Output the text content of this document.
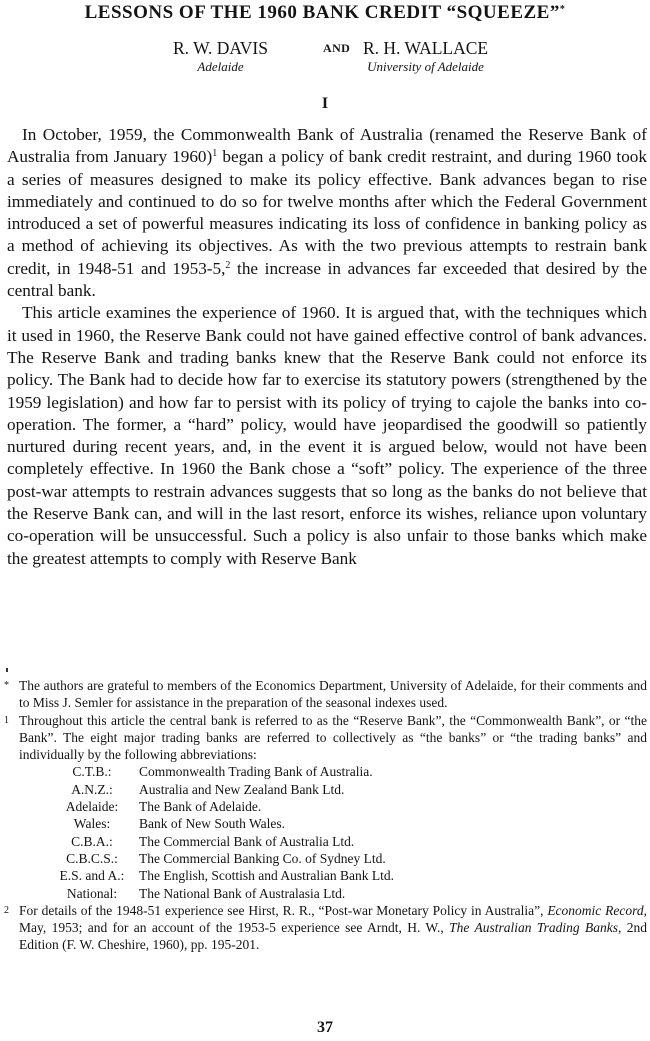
LESSONS OF THE 1960 BANK CREDIT “SQUEEZE”*
R. W. DAVIS
Adelaide
AND R. H. WALLACE
University of Adelaide
I

In October, 1959, the Commonwealth Bank of Australia (renamed the Reserve Bank of Australia from January 1960)$^1$ began a policy of bank credit restraint, and during 1960 took a series of measures designed to make its policy effective. Bank advances began to rise immediately and continued to do so for twelve months after which the Federal Government introduced a set of powerful measures indicating its loss of confidence in banking policy as a method of achieving its objectives. As with the two previous attempts to restrain bank credit, in 1948-51 and 1953-5,$^2$ the increase in advances far exceeded that desired by the central bank.

This article examines the experience of 1960. It is argued that, with the techniques which it used in 1960, the Reserve Bank could not have gained effective control of bank advances. The Reserve Bank and trading banks knew that the Reserve Bank could not enforce its policy. The Bank had to decide how far to exercise its statutory powers (strengthened by the 1959 legislation) and how far to persist with its policy of trying to cajole the banks into co-operation. The former, a “hard” policy, would have jeopardised the goodwill so patiently nurtured during recent years, and, in the event it is argued below, would not have been completely effective. In 1960 the Bank chose a “soft” policy. The experience of the three post-war attempts to restrain advances suggests that so long as the banks do not believe that the Reserve Bank can, and will in the last resort, enforce its wishes, reliance upon voluntary co-operation will be unsuccessful. Such a policy is also unfair to those banks which make the greatest attempts to comply with Reserve Bank

* The authors are grateful to members of the Economics Department, University of Adelaide, for their comments and to Miss J. Semler for assistance in the preparation of the seasonal indexes used.
1 Throughout this article the central bank is referred to as the “Reserve Bank”, the “Commonwealth Bank”, or “the Bank”. The eight major trading banks are referred to collectively as “the banks” or “the trading banks” and individually by the following abbreviations:
C.T.B.:	Commonwealth Trading Bank of Australia.
A.N.Z.:	Australia and New Zealand Bank Ltd.
Adelaide:	The Bank of Adelaide.
Wales:	Bank of New South Wales.
C.B.A.:	The Commercial Bank of Australia Ltd.
C.B.C.S.:	The Commercial Banking Co. of Sydney Ltd.
E.S. and A.:	The English, Scottish and Australian Bank Ltd.
National:	The National Bank of Australasia Ltd.
2 For details of the 1948-51 experience see Hirst, R. R., “Post-war Monetary Policy in Australia”, Economic Record, May, 1953; and for an account of the 1953-5 experience see Arndt, H. W., The Australian Trading Banks, 2nd Edition (F. W. Cheshire, 1960), pp. 195-201.
37
